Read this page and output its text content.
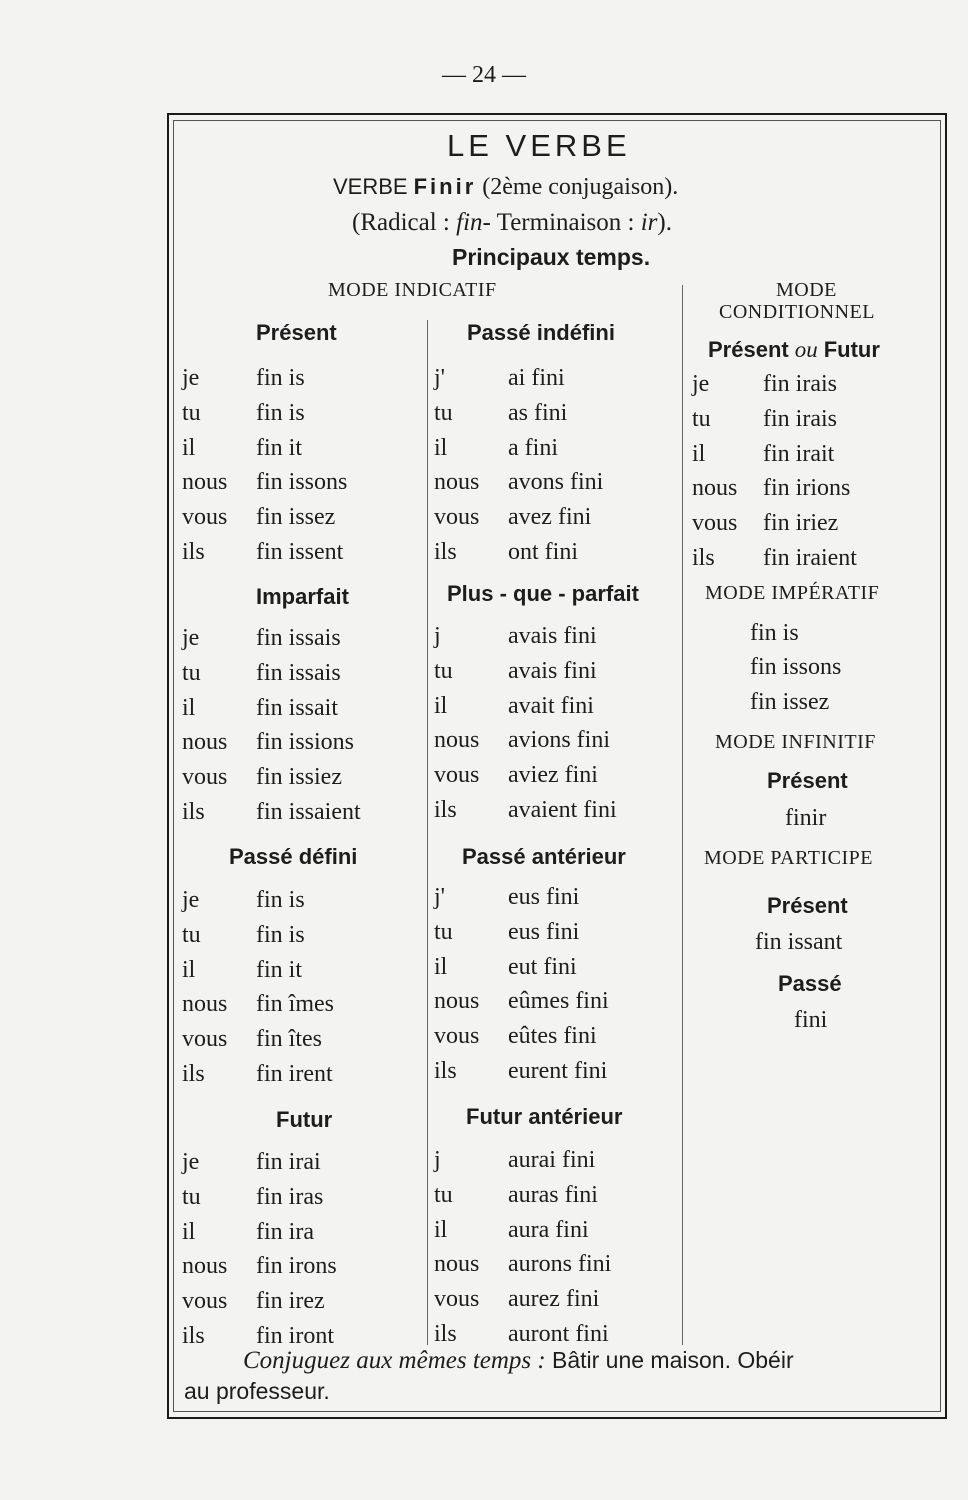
— 24 —
LE VERBE
VERBE Finir (2ème conjugaison).
(Radical : fin- Terminaison : ir).
Principaux temps.
MODE INDICATIF	MODE
CONDITIONNEL
Présent	Passé indéfini
Présent ou Futur
Imparfait	Plus - que - parfait
Passé défini	Passé antérieur
Futur	Futur antérieur
MODE IMPÉRATIF
fin is
fin issons
fin issez
MODE INFINITIF
Présent
finir
MODE PARTICIPE
Présent
fin issant
Passé
fini
je fin is
tu fin is
il	fin it
nous fin issons
vous fin issez
ils fin issent
j'	ai fini
tu as fini
il	a fini
nous avons fini
vous avez fini
ils ont fini
je fin irais
tu fin irais
il fin irait
nous fin irions
vous fin iriez
ils fin iraient
je fin issais
tu fin issais
il	fin issait
nous fin issions
vous fin issiez
ils fin issaient
j	avais fini
tu avais fini
il	avait fini
nous avions fini
vous aviez fini
ils avaient fini
je fin is
tu fin is
il	fin it
nous fin îmes
vous fin îtes
ils fin irent
j'	eus fini
tu eus fini
il	eut fini
nous eûmes fini
vous eûtes fini
ils eurent fini
je fin irai
tu fin iras
il	fin ira
nous fin irons
vous fin irez
ils fin iront
j	aurai fini
tu auras fini
il	aura fini
nous aurons fini
vous aurez fini
ils auront fini
Conjuguez aux mêmes temps : Bâtir une maison. Obéir
au professeur.
